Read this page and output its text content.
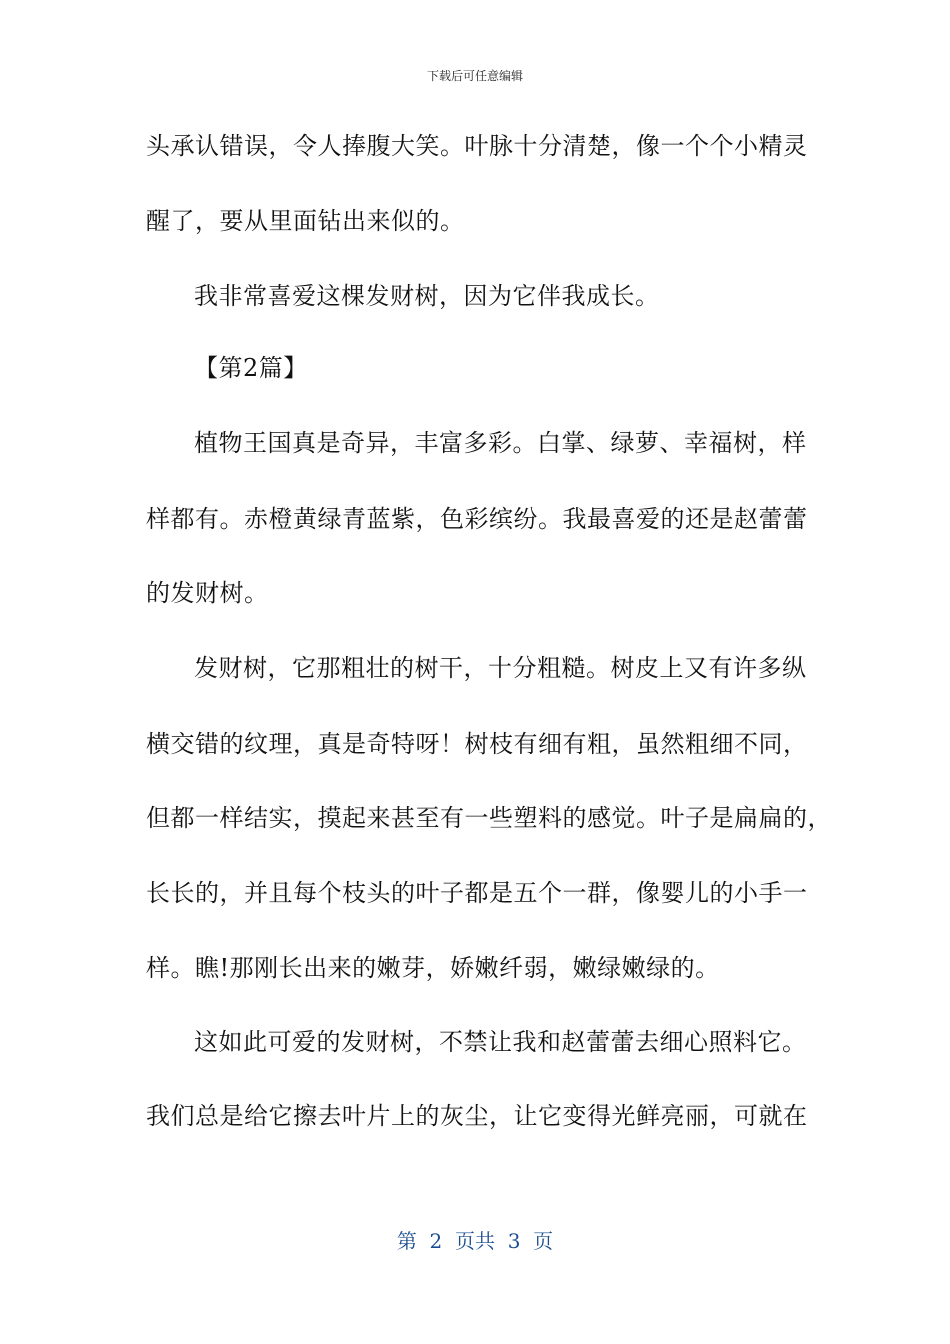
下载后可任意编辑
头承认错误，令人捧腹大笑。叶脉十分清楚，像一个个小精灵
醒了，要从里面钻出来似的。
我非常喜爱这棵发财树，因为它伴我成长。
【第2篇】
植物王国真是奇异，丰富多彩。白掌、绿萝、幸福树，样
样都有。赤橙黄绿青蓝紫，色彩缤纷。我最喜爱的还是赵蕾蕾
的发财树。
发财树，它那粗壮的树干，十分粗糙。树皮上又有许多纵
横交错的纹理，真是奇特呀！树枝有细有粗，虽然粗细不同，
但都一样结实，摸起来甚至有一些塑料的感觉。叶子是扁扁的，
长长的，并且每个枝头的叶子都是五个一群，像婴儿的小手一
样。瞧!那刚长出来的嫩芽，娇嫩纤弱，嫩绿嫩绿的。
这如此可爱的发财树，不禁让我和赵蕾蕾去细心照料它。
我们总是给它擦去叶片上的灰尘，让它变得光鲜亮丽，可就在
第  2  页共  3  页
